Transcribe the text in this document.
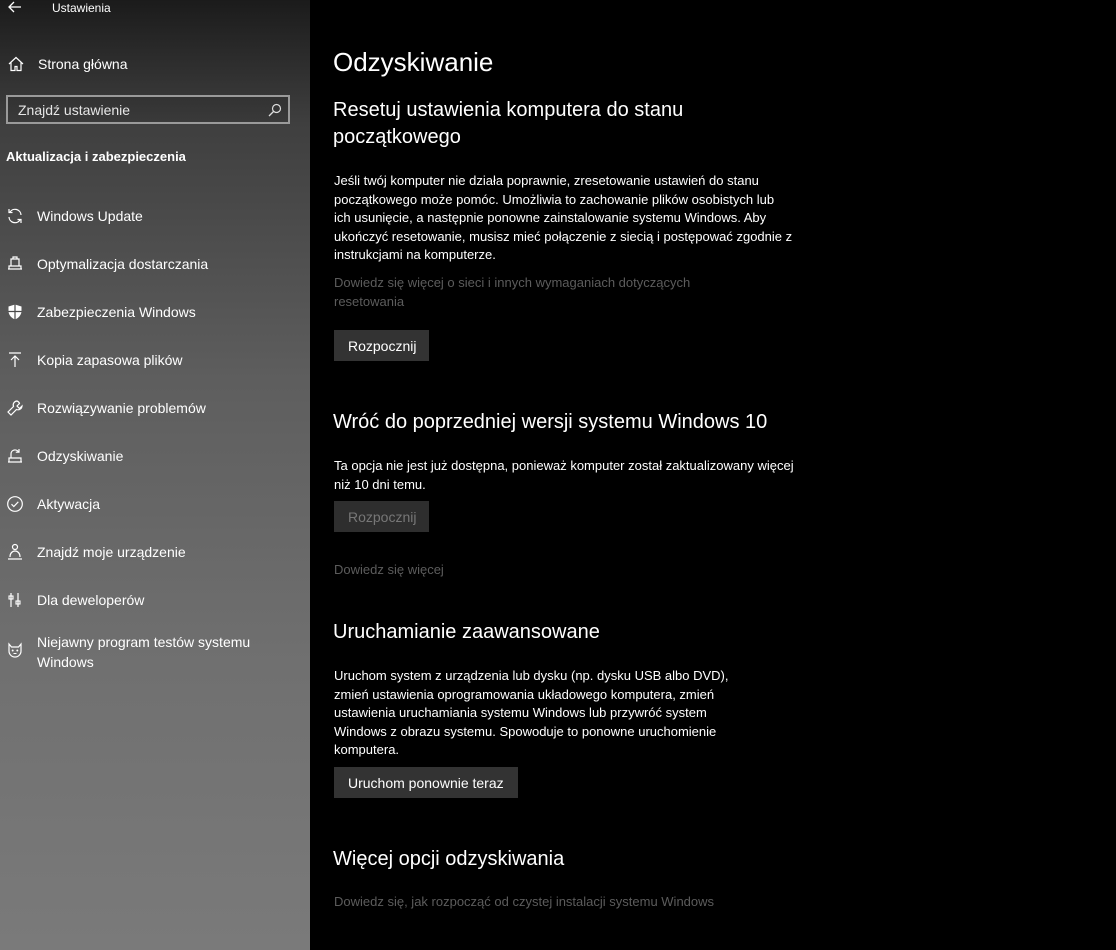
Ustawienia
Strona główna
Znajdź ustawienie
Aktualizacja i zabezpieczenia
Windows Update
Optymalizacja dostarczania
Zabezpieczenia Windows
Kopia zapasowa plików
Rozwiązywanie problemów
Odzyskiwanie
Aktywacja
Znajdź moje urządzenie
Dla deweloperów
Niejawny program testów systemu Windows
Odzyskiwanie
Resetuj ustawienia komputera do stanu początkowego

Jeśli twój komputer nie działa poprawnie, zresetowanie ustawień do stanu początkowego może pomóc. Umożliwia to zachowanie plików osobistych lub ich usunięcie, a następnie ponowne zainstalowanie systemu Windows. Aby ukończyć resetowanie, musisz mieć połączenie z siecią i postępować zgodnie z instrukcjami na komputerze.

Dowiedz się więcej o sieci i innych wymaganiach dotyczących resetowania

Rozpocznij
Wróć do poprzedniej wersji systemu Windows 10

Ta opcja nie jest już dostępna, ponieważ komputer został zaktualizowany więcej niż 10 dni temu.

Rozpocznij

Dowiedz się więcej

Uruchamianie zaawansowane

Uruchom system z urządzenia lub dysku (np. dysku USB albo DVD), zmień ustawienia oprogramowania układowego komputera, zmień ustawienia uruchamiania systemu Windows lub przywróć system Windows z obrazu systemu. Spowoduje to ponowne uruchomienie komputera.

Uruchom ponownie teraz
Więcej opcji odzyskiwania

Dowiedz się, jak rozpocząć od czystej instalacji systemu Windows
